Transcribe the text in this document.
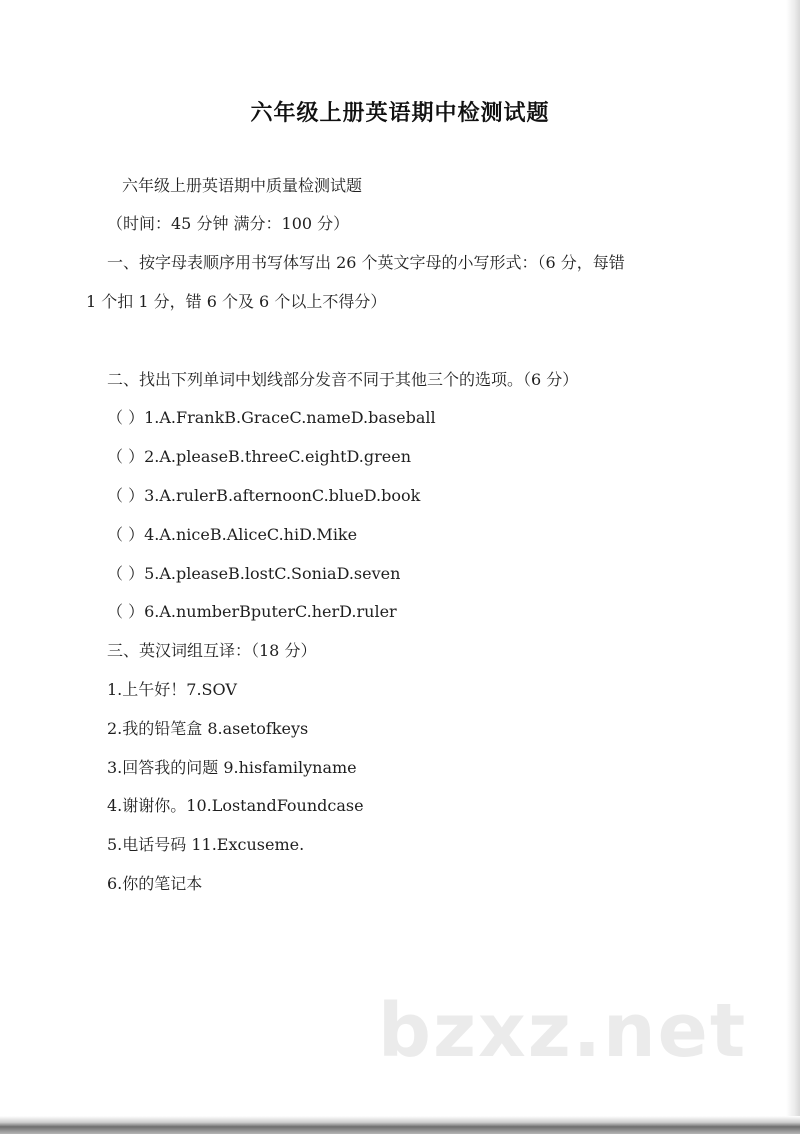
六年级上册英语期中检测试题
六年级上册英语期中质量检测试题
（时间：45 分钟 满分：100 分）
一、按字母表顺序用书写体写出 26 个英文字母的小写形式：（6 分，每错
1 个扣 1 分，错 6 个及 6 个以上不得分）
二、找出下列单词中划线部分发音不同于其他三个的选项。（6 分）
（ ）1.A.FrankB.GraceC.nameD.baseball
（ ）2.A.pleaseB.threeC.eightD.green
（ ）3.A.rulerB.afternoonC.blueD.book
（ ）4.A.niceB.AliceC.hiD.Mike
（ ）5.A.pleaseB.lostC.SoniaD.seven
（ ）6.A.numberBputerC.herD.ruler
三、英汉词组互译：（18 分）
1.上午好！7.SOV
2.我的铅笔盒 8.asetofkeys
3.回答我的问题 9.hisfamilyname
4.谢谢你。10.LostandFoundcase
5.电话号码 11.Excuseme.
6.你的笔记本
bzxz.net
